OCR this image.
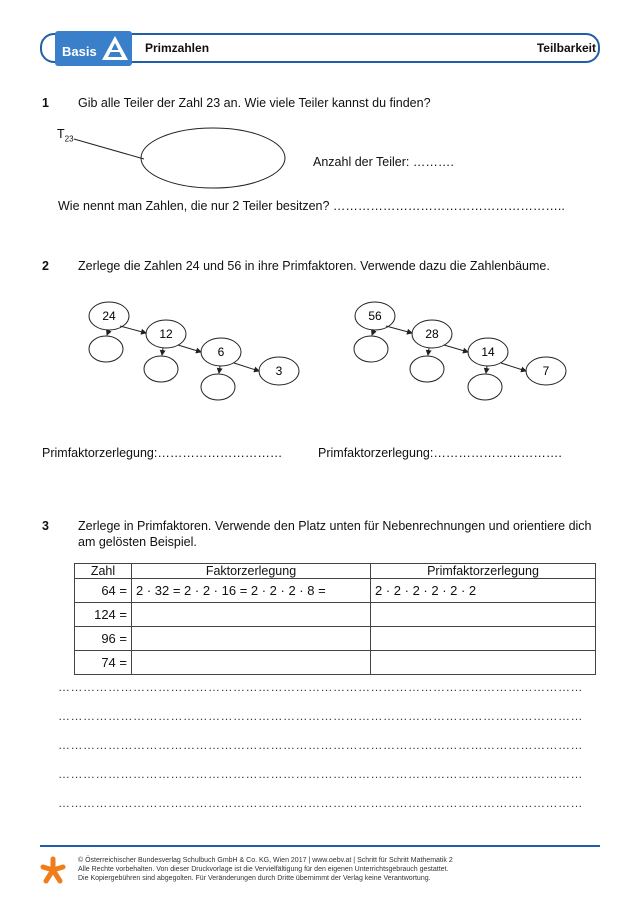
Basis	Primzahlen	Teilbarkeit
1 Gib alle Teiler der Zahl 23 an. Wie viele Teiler kannst du finden?
$T_{23}$
Anzahl der Teiler: ……….
Wie nennt man Zahlen, die nur 2 Teiler besitzen? ………………………………………………..
2 Zerlege die Zahlen 24 und 56 in ihre Primfaktoren. Verwende dazu die Zahlenbäume.
24
12
6
3
56
28
14
7
Primfaktorzerlegung:…………………………	Primfaktorzerlegung:………………………….
3 Zerlege in Primfaktoren. Verwende den Platz unten für Nebenrechnungen und orientiere dich
am gelösten Beispiel.
Zahl	Faktorzerlegung	Primfaktorzerlegung
64 =	2 · 32 = 2 · 2 · 16 = 2 · 2 · 2 · 8 =	2 · 2 · 2 · 2 · 2 · 2
124 =		
96 =		
74 =		
………………………………………………………………………………………………………………
………………………………………………………………………………………………………………
………………………………………………………………………………………………………………
………………………………………………………………………………………………………………
………………………………………………………………………………………………………………
© Österreichischer Bundesverlag Schulbuch GmbH & Co. KG, Wien 2017 | www.oebv.at | Schritt für Schritt Mathematik 2
Alle Rechte vorbehalten. Von dieser Druckvorlage ist die Vervielfältigung für den eigenen Unterrichtsgebrauch gestattet.
Die Kopiergebühren sind abgegolten. Für Veränderungen durch Dritte übernimmt der Verlag keine Verantwortung.
